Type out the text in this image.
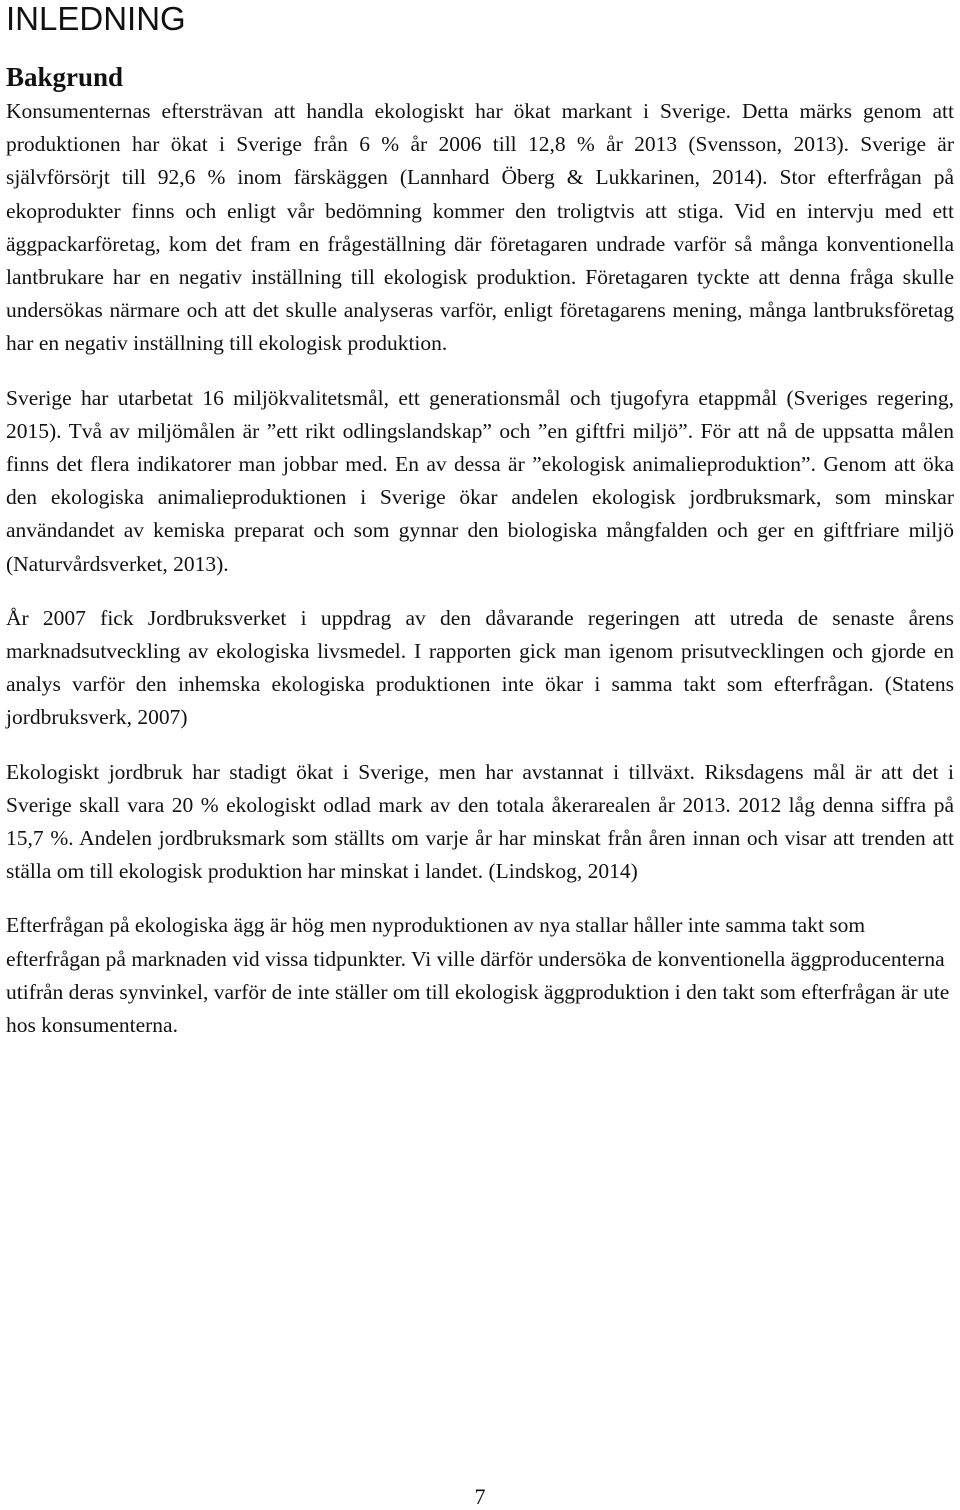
INLEDNING
Bakgrund

Konsumenternas eftersträvan att handla ekologiskt har ökat markant i Sverige. Detta märks genom att produktionen har ökat i Sverige från 6 % år 2006 till 12,8 % år 2013 (Svensson, 2013). Sverige är självförsörjt till 92,6 % inom färskäggen (Lannhard Öberg & Lukkarinen, 2014). Stor efterfrågan på ekoprodukter finns och enligt vår bedömning kommer den troligtvis att stiga. Vid en intervju med ett äggpackarföretag, kom det fram en frågeställning där företagaren undrade varför så många konventionella lantbrukare har en negativ inställning till ekologisk produktion. Företagaren tyckte att denna fråga skulle undersökas närmare och att det skulle analyseras varför, enligt företagarens mening, många lantbruksföretag har en negativ inställning till ekologisk produktion.

Sverige har utarbetat 16 miljökvalitetsmål, ett generationsmål och tjugofyra etappmål (Sveriges regering, 2015). Två av miljömålen är ”ett rikt odlingslandskap” och ”en giftfri miljö”. För att nå de uppsatta målen finns det flera indikatorer man jobbar med. En av dessa är ”ekologisk animalieproduktion”. Genom att öka den ekologiska animalieproduktionen i Sverige ökar andelen ekologisk jordbruksmark, som minskar användandet av kemiska preparat och som gynnar den biologiska mångfalden och ger en giftfriare miljö (Naturvårdsverket, 2013).

År 2007 fick Jordbruksverket i uppdrag av den dåvarande regeringen att utreda de senaste årens marknadsutveckling av ekologiska livsmedel. I rapporten gick man igenom prisutvecklingen och gjorde en analys varför den inhemska ekologiska produktionen inte ökar i samma takt som efterfrågan. (Statens jordbruksverk, 2007)

Ekologiskt jordbruk har stadigt ökat i Sverige, men har avstannat i tillväxt. Riksdagens mål är att det i Sverige skall vara 20 % ekologiskt odlad mark av den totala åkerarealen år 2013. 2012 låg denna siffra på 15,7 %. Andelen jordbruksmark som ställts om varje år har minskat från åren innan och visar att trenden att ställa om till ekologisk produktion har minskat i landet. (Lindskog, 2014)

Efterfrågan på ekologiska ägg är hög men nyproduktionen av nya stallar håller inte samma takt som efterfrågan på marknaden vid vissa tidpunkter. Vi ville därför undersöka de konventionella äggproducenterna utifrån deras synvinkel, varför de inte ställer om till ekologisk äggproduktion i den takt som efterfrågan är ute hos konsumenterna.

7
